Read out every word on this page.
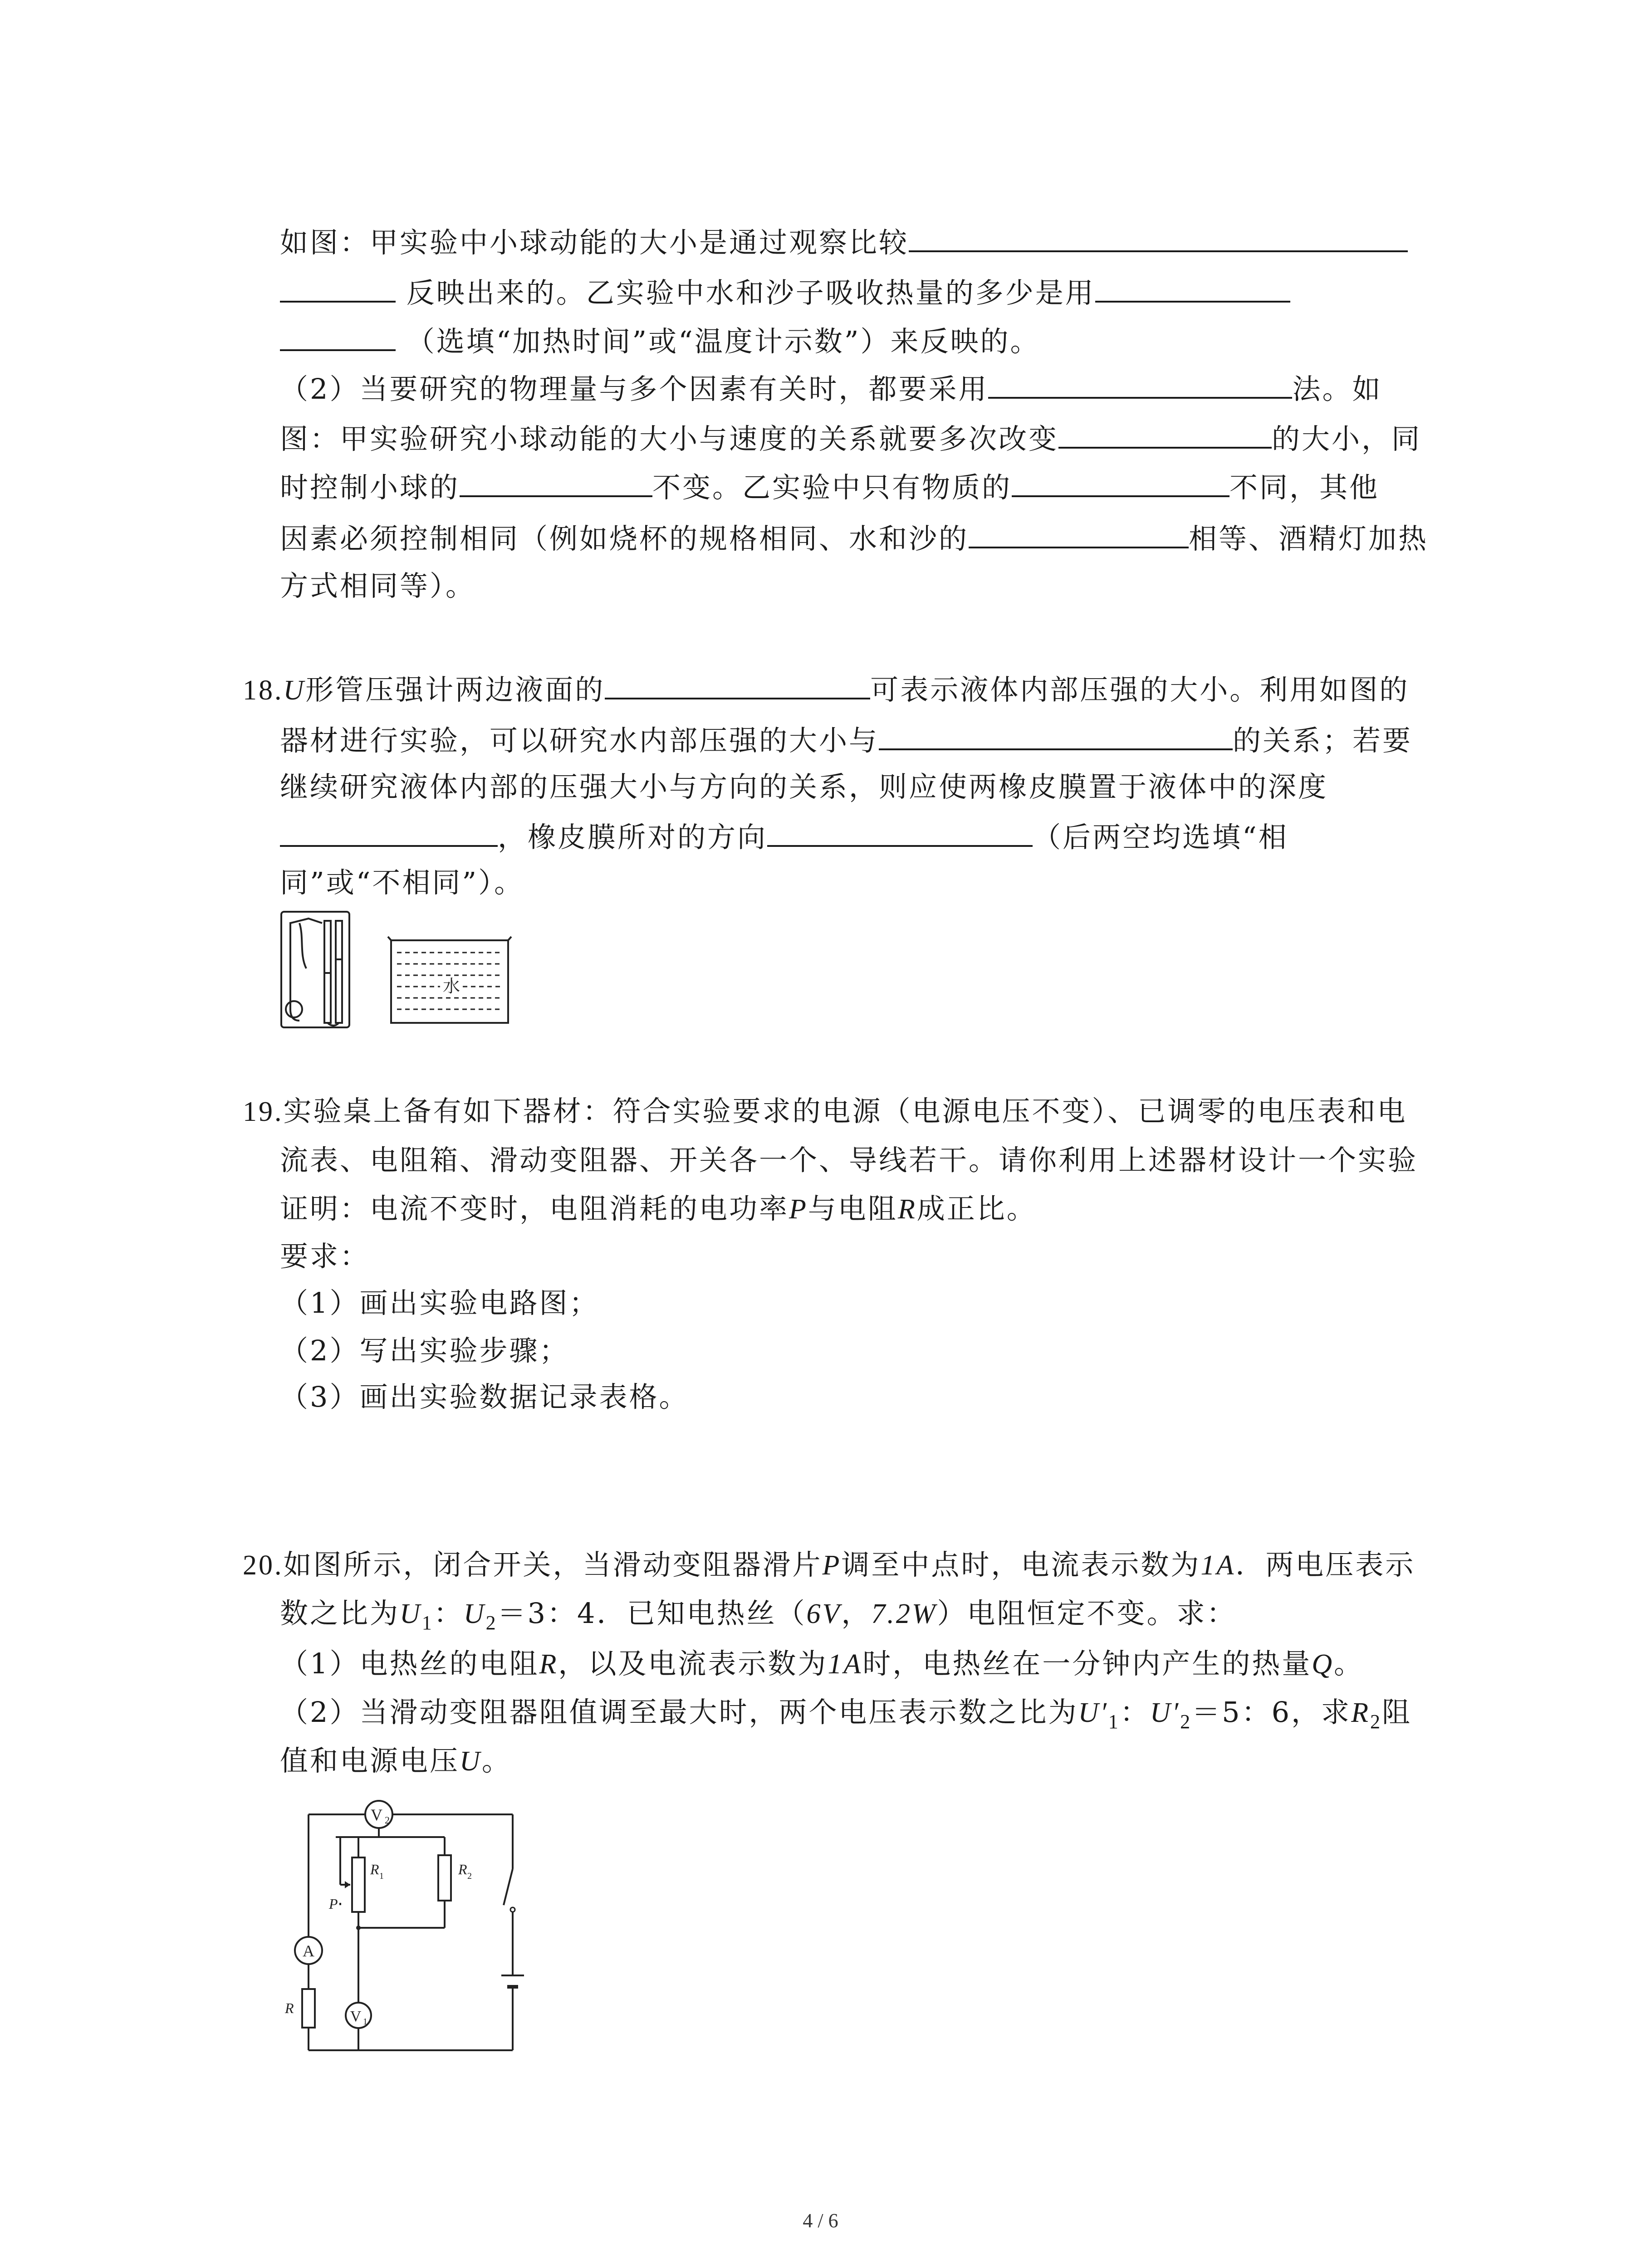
如图：甲实验中小球动能的大小是通过观察比较
反映出来的。乙实验中水和沙子吸收热量的多少是用
（选填“加热时间”或“温度计示数”）来反映的。
（2）当要研究的物理量与多个因素有关时，都要采用	法。如
图：甲实验研究小球动能的大小与速度的关系就要多次改变	的大小，同
时控制小球的	不变。乙实验中只有物质的	不同，其他
因素必须控制相同（例如烧杯的规格相同、水和沙的	相等、酒精灯加热
方式相同等）。
18.U形管压强计两边液面的	可表示液体内部压强的大小。利用如图的
器材进行实验，可以研究水内部压强的大小与	的关系；若要
继续研究液体内部的压强大小与方向的关系，则应使两橡皮膜置于液体中的深度
，橡皮膜所对的方向	（后两空均选填“相
同”或“不相同”）。
水
19.实验桌上备有如下器材：符合实验要求的电源（电源电压不变）、已调零的电压表和电
流表、电阻箱、滑动变阻器、开关各一个、导线若干。请你利用上述器材设计一个实验
证明：电流不变时，电阻消耗的电功率P与电阻R成正比。
要求：
（1）画出实验电路图；
（2）写出实验步骤；
（3）画出实验数据记录表格。
20.如图所示，闭合开关，当滑动变阻器滑片P调至中点时，电流表示数为1A．两电压表示
数之比为$U_1$：$U_2=3$：4．已知电热丝（6V，7.2W）电阻恒定不变。求：
（1）电热丝的电阻R，以及电流表示数为1A时，电热丝在一分钟内产生的热量Q。
（2）当滑动变阻器阻值调至最大时，两个电压表示数之比为$U'_1$：$U'_2=5$：6，求$R_2$阻
值和电源电压U。
V 2
R 1
P
R 2
A
R	V 1
4 / 6
